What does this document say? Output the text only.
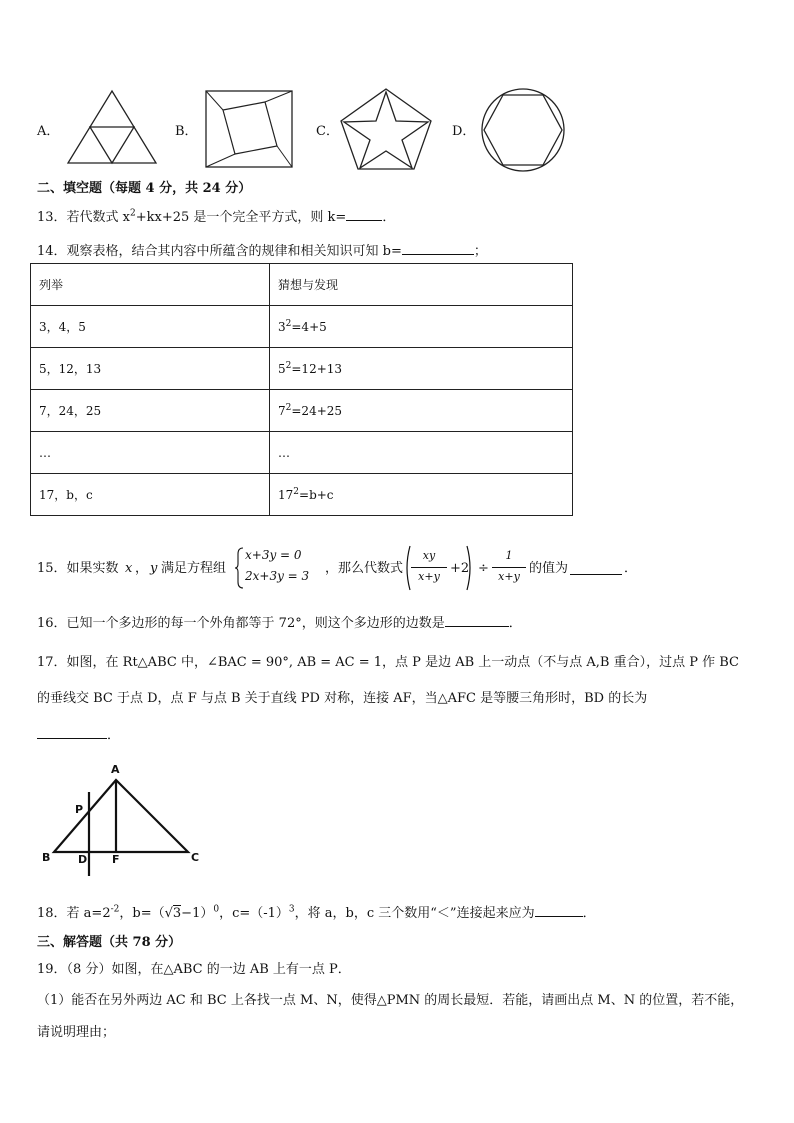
A．	B．	C．	D．
二、填空题（每题 4 分，共 24 分）
13．若代数式 $x^2+kx+25$ 是一个完全平方式，则 k=	．
14．观察表格，结合其内容中所蕴含的规律和相关知识可知 b=	；
列举	猜想与发现
3，4，5	$3^2=4+5$
5，12，13	$5^2=12+13$
7，24，25	$7^2=24+25$
…	…
17，b，c	$17^2=b+c$
15．如果实数 x ， y 满足方程组
x+3y = 0
2x+3y = 3 ，那么代数式
xy
x+y
+2 ÷
1
x+y
的值为	．
16．已知一个多边形的每一个外角都等于 72°，则这个多边形的边数是	．
17．如图，在 Rt△ABC 中，∠BAC = 90°, AB = AC = 1，点 P 是边 AB 上一动点（不与点 A,B 重合），过点 P 作 BC
的垂线交 BC 于点 D，点 F 与点 B 关于直线 PD 对称，连接 AF，当△AFC 是等腰三角形时，BD 的长为
．
A
P
B	D F	C
18．若 $a=2^{-2}$，$b=(√3-1)^0$，$c=(-1)^3$，将 a，b，c 三个数用“＜”连接起来应为	．
三、解答题（共 78 分）
19．（8 分）如图，在△ABC 的一边 AB 上有一点 P．
（1）能否在另外两边 AC 和 BC 上各找一点 M、N，使得△PMN 的周长最短．若能，请画出点 M、N 的位置，若不能，
请说明理由；
